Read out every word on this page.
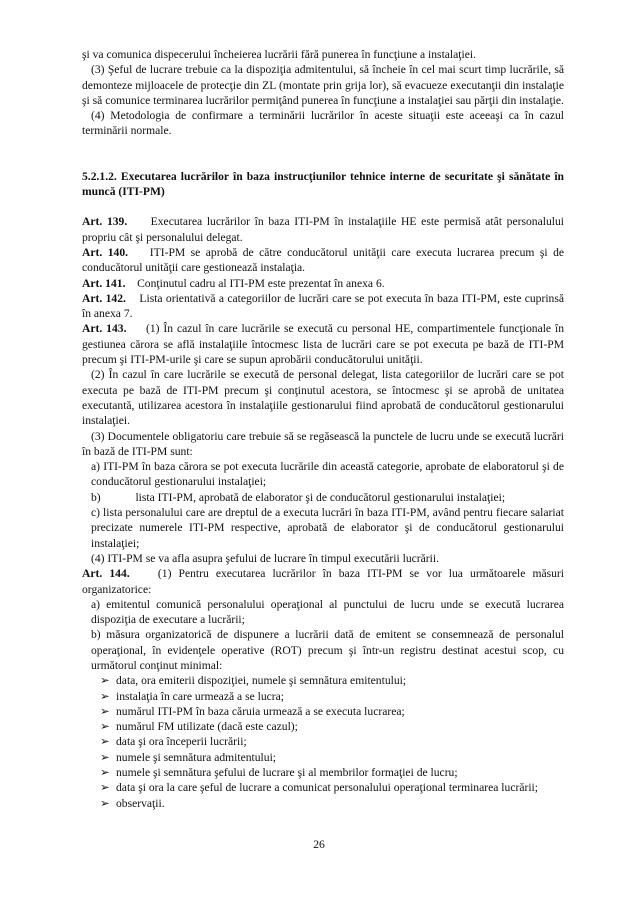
şi va comunica dispecerului încheierea lucrării fără punerea în funcţiune a instalaţiei.

(3) Şeful de lucrare trebuie ca la dispoziţia admitentului, să încheie în cel mai scurt timp lucrările, să demonteze mijloacele de protecţie din ZL (montate prin grija lor), să evacueze executanţii din instalaţie şi să comunice terminarea lucrărilor permiţând punerea în funcţiune a instalaţiei sau părţii din instalaţie.

(4) Metodologia de confirmare a terminării lucrărilor în aceste situaţii este aceeaşi ca în cazul terminării normale.

5.2.1.2. Executarea lucrărilor în baza instrucţiunilor tehnice interne de securitate şi sănătate în muncă (ITI-PM)

Art. 139. Executarea lucrărilor în baza ITI-PM în instalaţiile HE este permisă atât personalului propriu cât şi personalului delegat.

Art. 140. ITI-PM se aprobă de către conducătorul unităţii care executa lucrarea precum şi de conducătorul unităţii care gestionează instalaţia.

Art. 141. Conţinutul cadru al ITI-PM este prezentat în anexa 6.

Art. 142. Lista orientativă a categoriilor de lucrări care se pot executa în baza ITI-PM, este cuprinsă în anexa 7.

Art. 143. (1) În cazul în care lucrările se execută cu personal HE, compartimentele funcţionale în gestiunea cărora se află instalaţiile întocmesc lista de lucrări care se pot executa pe bază de ITI-PM precum şi ITI-PM-urile şi care se supun aprobării conducătorului unităţii.

(2) În cazul în care lucrările se execută de personal delegat, lista categoriilor de lucrări care se pot executa pe bază de ITI-PM precum şi conţinutul acestora, se întocmesc şi se aprobă de unitatea executantă, utilizarea acestora în instalaţiile gestionarului fiind aprobată de conducătorul gestionarului instalaţiei.

(3) Documentele obligatoriu care trebuie să se regăsească la punctele de lucru unde se execută lucrări în bază de ITI-PM sunt:

a) ITI-PM în baza cărora se pot executa lucrările din această categorie, aprobate de elaboratorul şi de conducătorul gestionarului instalaţiei;

b)	lista ITI-PM, aprobată de elaborator şi de conducătorul gestionarului instalaţiei;

c) lista personalului care are dreptul de a executa lucrări în baza ITI-PM, având pentru fiecare salariat precizate numerele ITI-PM respective, aprobată de elaborator şi de conducătorul gestionarului instalaţiei;

(4) ITI-PM se va afla asupra şefului de lucrare în timpul executării lucrării.

Art. 144. (1) Pentru executarea lucrărilor în baza ITI-PM se vor lua următoarele măsuri organizatorice:

a) emitentul comunică personalului operaţional al punctului de lucru unde se execută lucrarea dispoziţia de executare a lucrării;

b) măsura organizatorică de dispunere a lucrării dată de emitent se consemnează de personalul operaţional, în evidenţele operative (ROT) precum şi într-un registru destinat acestui scop, cu următorul conţinut minimal:

➢ data, ora emiterii dispoziţiei, numele şi semnătura emitentului;
➢ instalaţia în care urmează a se lucra;
➢ numărul ITI-PM în baza căruia urmează a se executa lucrarea;
➢ numărul FM utilizate (dacă este cazul);
➢ data şi ora începerii lucrării;
➢ numele şi semnătura admitentului;
➢ numele şi semnătura şefului de lucrare şi al membrilor formaţiei de lucru;
➢ data şi ora la care şeful de lucrare a comunicat personalului operaţional terminarea lucrării;
➢ observaţii.
26
